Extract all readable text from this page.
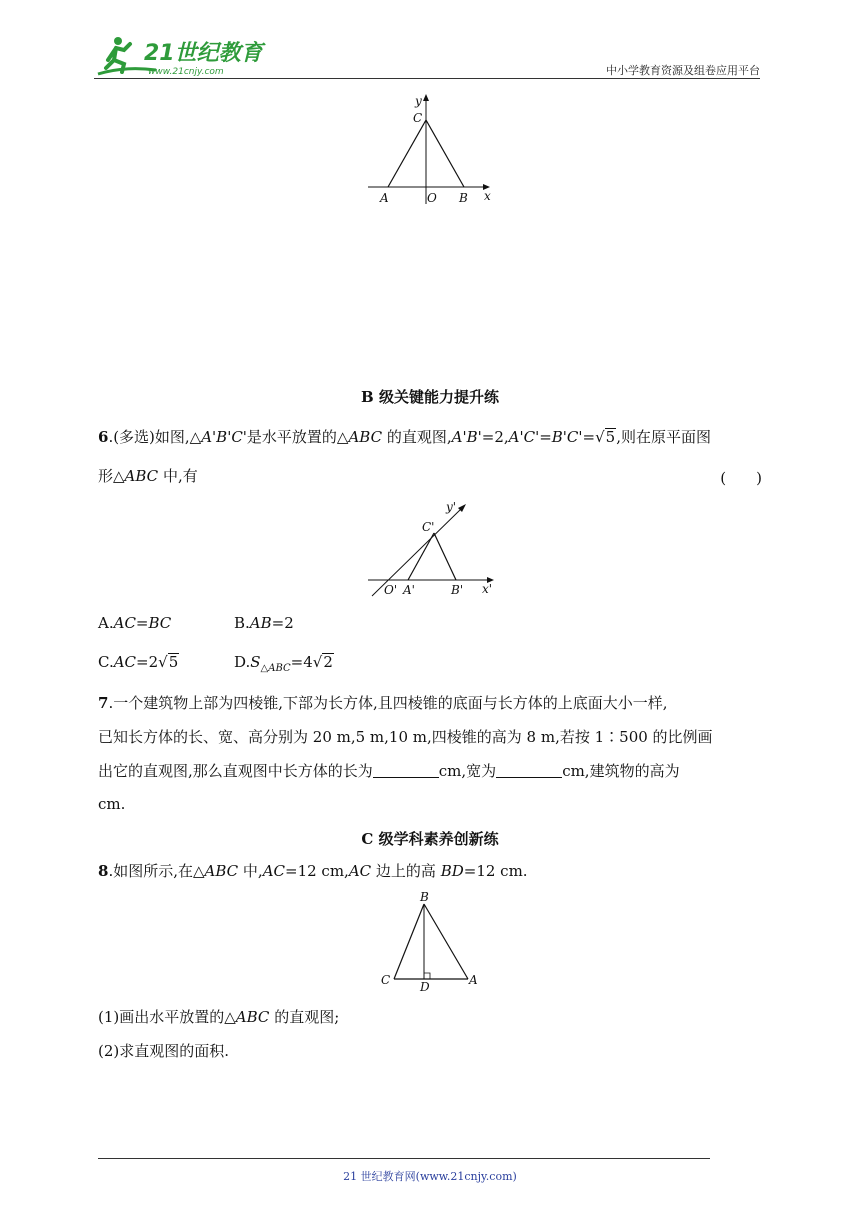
21世纪教育
www.21cnjy.com	中小学教育资源及组卷应用平台
y
C
A	O B x
B 级关键能力提升练
6.(多选)如图,△A'B'C'是水平放置的△ABC 的直观图,A'B'=2,A'C'=B'C'=√5,则在原平面图
形△ABC 中,有	(　　)
y'
C'
O' A'	B' x'
A.AC=BC	B.AB=2
C.AC=2√5	$D.S_{\triangle ABC}=4√2$
7.一个建筑物上部为四棱锥,下部为长方体,且四棱锥的底面与长方体的上底面大小一样,
已知长方体的长、宽、高分别为 20 m,5 m,10 m,四棱锥的高为 8 m,若按 1∶500 的比例画
出它的直观图,那么直观图中长方体的长为	cm,宽为	cm,建筑物的高为
cm.
C 级学科素养创新练
8.如图所示,在△ABC 中,AC=12 cm,AC 边上的高 BD=12 cm.
B
C D	A
(1)画出水平放置的△ABC 的直观图;
(2)求直观图的面积.
21 世纪教育网(www.21cnjy.com)
